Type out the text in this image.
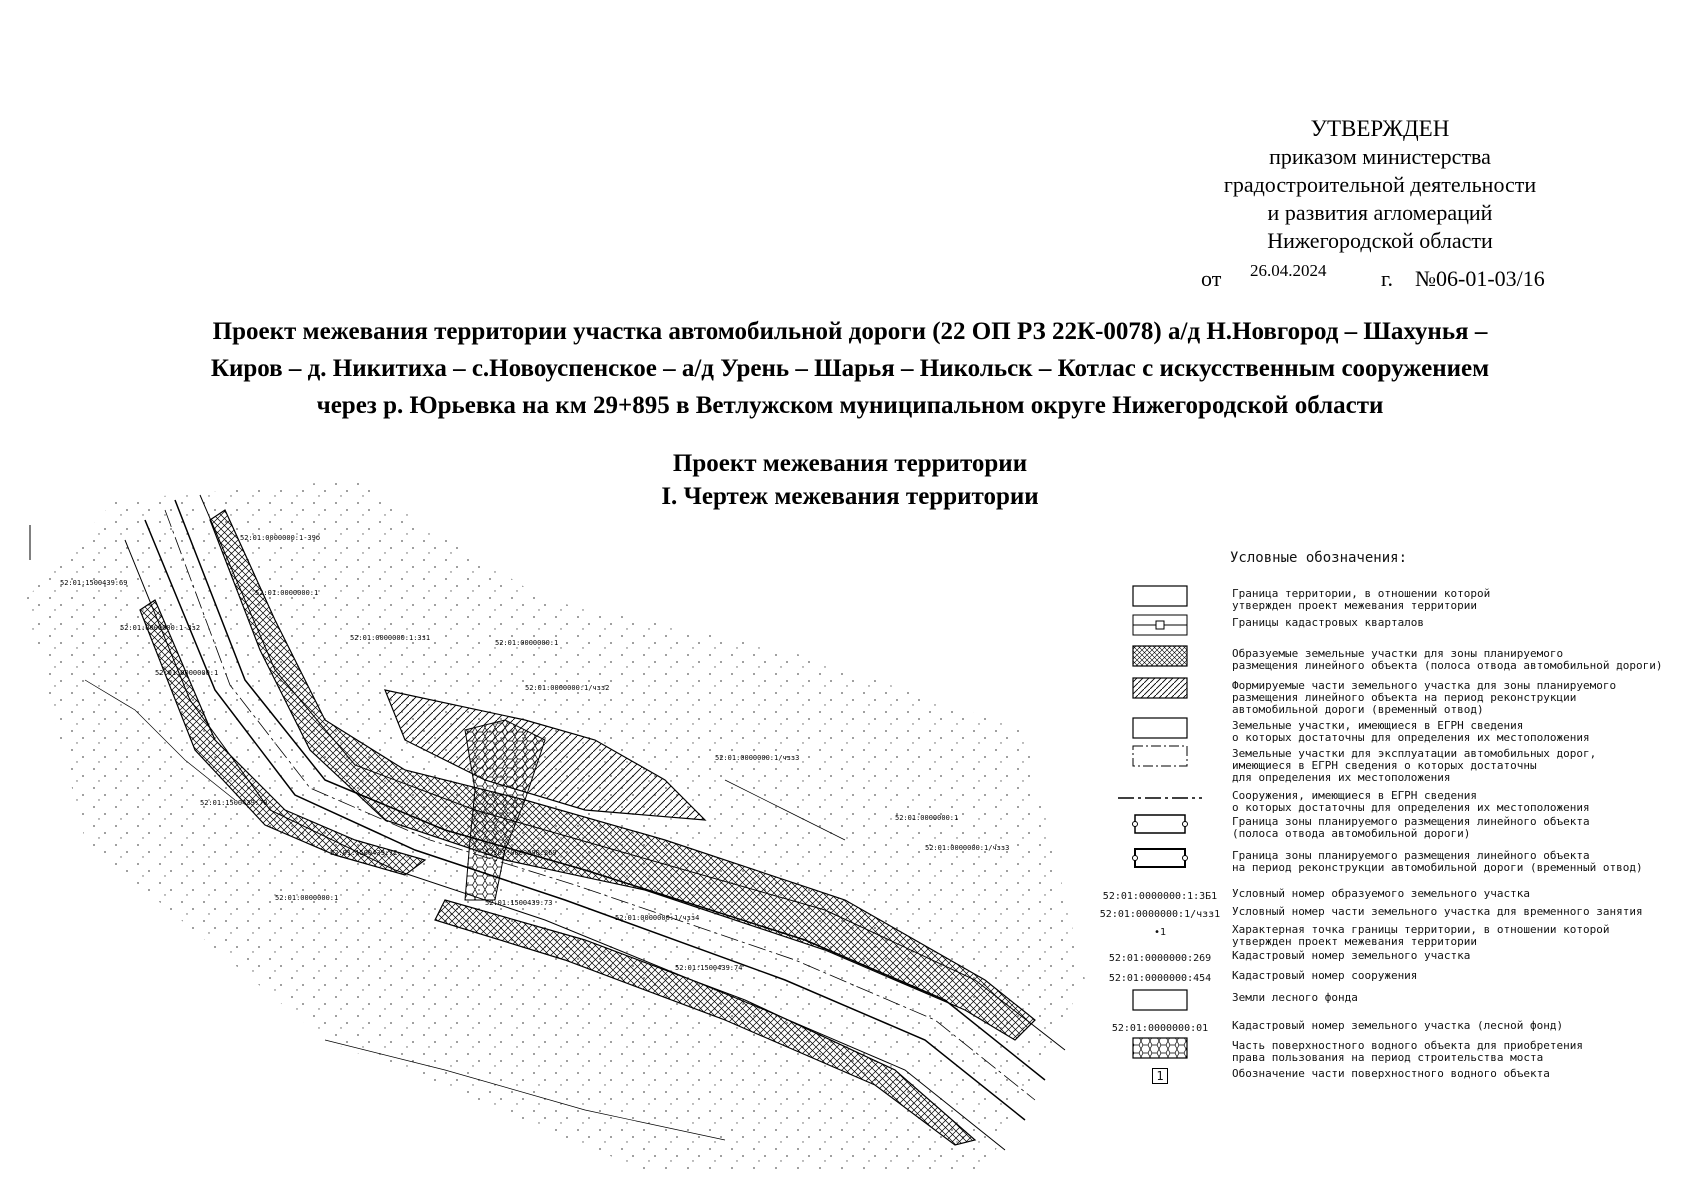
УТВЕРЖДЕН
приказом министерства
градостроительной деятельности
и развития агломераций
Нижегородской области
от 26.04.2024 г. №06-01-03/16
Проект межевания территории участка автомобильной дороги (22 ОП РЗ 22К-0078) а/д Н.Новгород – Шахунья –
Киров – д. Никитиха – с.Новоуспенское – а/д Урень – Шарья – Никольск – Котлас с искусственным сооружением
через р. Юрьевка на км 29+895 в Ветлужском муниципальном округе Нижегородской области
Проект межевания территории
I. Чертеж межевания территории
52:01:0000000:1-39б
52:01:1500439:69
52:01:0000000:1
52:01:0000000:1-3з2
52:01:0000000:1:3з1
52:01:0000000:1
52:01:0000000:1/чзз2
52:01:0000000:1
52:01:1500439:70
52:01:0000000:1/чзз3
52:01:0000000:269
52:01:1500439:72
52:01:0000000:1
52:01:1500439:73
52:01:0000000:1/чзз4
52:01:1500439:74
52:01:0000000:1/чзз3
52:01:0000000:1
Условные обозначения:
Граница территории, в отношении которой
утвержден проект межевания территории
Границы кадастровых кварталов
Образуемые земельные участки для зоны планируемого
размещения линейного объекта (полоса отвода автомобильной дороги)
Формируемые части земельного участка для зоны планируемого
размещения линейного объекта на период реконструкции
автомобильной дороги (временный отвод)
Земельные участки, имеющиеся в ЕГРН сведения
о которых достаточны для определения их местоположения
Земельные участки для эксплуатации автомобильных дорог,
имеющиеся в ЕГРН сведения о которых достаточны
для определения их местоположения
Сооружения, имеющиеся в ЕГРН сведения
о которых достаточны для определения их местоположения
Граница зоны планируемого размещения линейного объекта
(полоса отвода автомобильной дороги)
Граница зоны планируемого размещения линейного объекта
на период реконструкции автомобильной дороги (временный отвод)
52:01:0000000:1:3Б1 Условный номер образуемого земельного участка
52:01:0000000:1/чзз1 Условный номер части земельного участка для временного занятия
•1	Характерная точка границы территории, в отношении которой
утвержден проект межевания территории
52:01:0000000:269 Кадастровый номер земельного участка
52:01:0000000:454 Кадастровый номер сооружения
Земли лесного фонда
52:01:0000000:01 Кадастровый номер земельного участка (лесной фонд)
Часть поверхностного водного объекта для приобретения
права пользования на период строительства моста
1	Обозначение части поверхностного водного объекта
